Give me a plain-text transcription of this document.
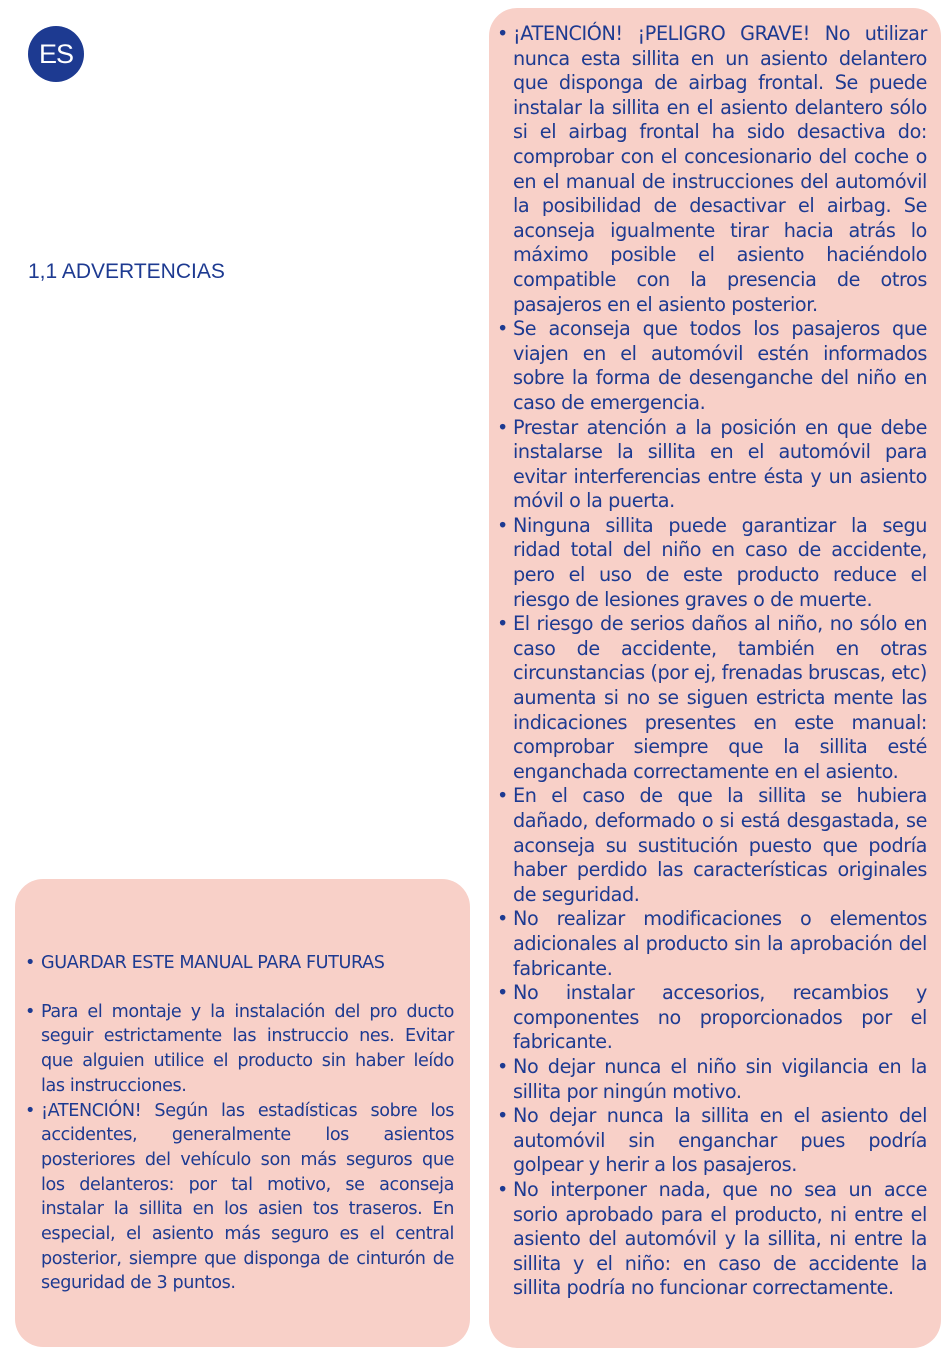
ES
1,1 ADVERTENCIAS
• GUARDAR ESTE MANUAL PARA FUTURAS
• Para el montaje y la instalación del pro ducto seguir estrictamente las instruccio nes. Evitar que alguien utilice el producto sin haber leído las instrucciones.
• ¡ATENCIÓN! Según las estadísticas sobre los accidentes, generalmente los asientos posteriores del vehículo son más seguros que los delanteros: por tal motivo, se aconseja instalar la sillita en los asien tos traseros. En especial, el asiento más seguro es el central posterior, siempre que disponga de cinturón de seguridad de 3 puntos.
• ¡ATENCIÓN! ¡PELIGRO GRAVE! No utilizar nunca esta sillita en un asiento delantero que disponga de airbag frontal. Se puede instalar la sillita en el asiento delantero sólo si el airbag frontal ha sido desactiva do: comprobar con el concesionario del coche o en el manual de instrucciones del automóvil la posibilidad de desactivar el airbag. Se aconseja igualmente tirar hacia atrás lo máximo posible el asiento haciéndolo compatible con la presencia de otros pasajeros en el asiento posterior.
• Se aconseja que todos los pasajeros que viajen en el automóvil estén informados sobre la forma de desenganche del niño en caso de emergencia.
• Prestar atención a la posición en que debe instalarse la sillita en el automóvil para evitar interferencias entre ésta y un asiento móvil o la puerta.
• Ninguna sillita puede garantizar la segu ridad total del niño en caso de accidente, pero el uso de este producto reduce el riesgo de lesiones graves o de muerte.
• El riesgo de serios daños al niño, no sólo en caso de accidente, también en otras circunstancias (por ej, frenadas bruscas, etc) aumenta si no se siguen estricta mente las indicaciones presentes en este manual: comprobar siempre que la sillita esté enganchada correctamente en el asiento.
• En el caso de que la sillita se hubiera dañado, deformado o si está desgastada, se aconseja su sustitución puesto que podría haber perdido las características originales de seguridad.
• No realizar modificaciones o elementos adicionales al producto sin la aprobación del fabricante.
• No instalar accesorios, recambios y componentes no proporcionados por el fabricante.
• No dejar nunca el niño sin vigilancia en la sillita por ningún motivo.
• No dejar nunca la sillita en el asiento del automóvil sin enganchar pues podría golpear y herir a los pasajeros.
• No interponer nada, que no sea un acce sorio aprobado para el producto, ni entre el asiento del automóvil y la sillita, ni entre la sillita y el niño: en caso de accidente la sillita podría no funcionar correctamente.
